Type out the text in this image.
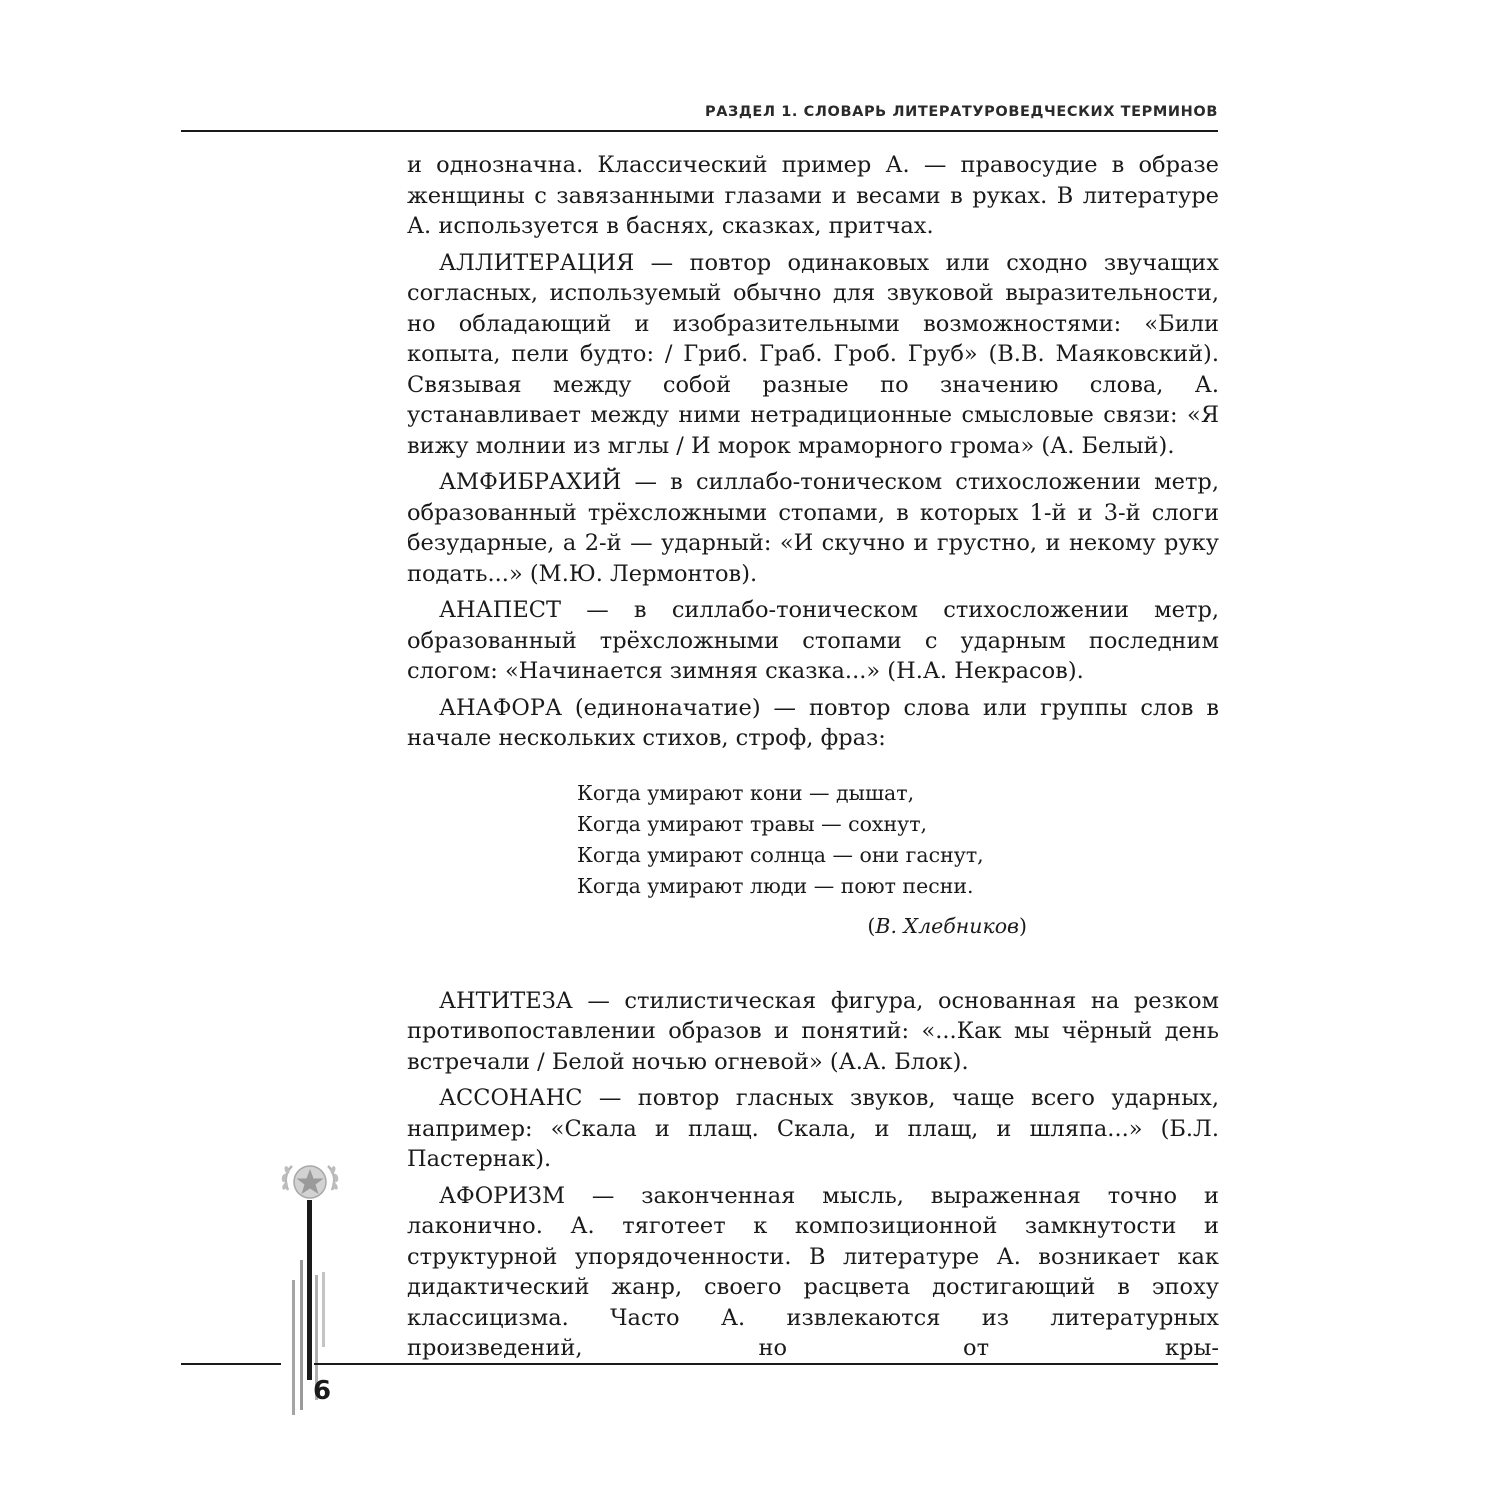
РАЗДЕЛ 1. СЛОВАРЬ ЛИТЕРАТУРОВЕДЧЕСКИХ ТЕРМИНОВ

и однозначна. Классический пример А. — правосудие в образе женщины с завязанными глазами и весами в руках. В литературе А. используется в баснях, сказках, притчах.

АЛЛИТЕРАЦИЯ — повтор одинаковых или сходно звучащих согласных, используемый обычно для звуковой выразительности, но обладающий и изобразительными возможностями: «Били копыта, пели будто: / Гриб. Граб. Гроб. Груб» (В.В. Маяковский). Связывая между собой разные по значению слова, А. устанавливает между ними нетрадиционные смысловые связи: «Я вижу молнии из мглы / И морок мраморного грома» (А. Белый).

АМФИБРАХИЙ — в силлабо-тоническом стихосложении метр, образованный трёхсложными стопами, в которых 1-й и 3-й слоги безударные, а 2-й — ударный: «И скучно и грустно, и некому руку подать...» (М.Ю. Лермонтов).

АНАПЕСТ — в силлабо-тоническом стихосложении метр, образованный трёхсложными стопами с ударным последним слогом: «Начинается зимняя сказка...» (Н.А. Некрасов).

АНАФОРА (единоначатие) — повтор слова или группы слов в начале нескольких стихов, строф, фраз:

Когда умирают кони — дышат,
Когда умирают травы — сохнут,
Когда умирают солнца — они гаснут,
Когда умирают люди — поют песни.
(В. Хлебников)

АНТИТЕЗА — стилистическая фигура, основанная на резком противопоставлении образов и понятий: «...Как мы чёрный день встречали / Белой ночью огневой» (А.А. Блок).

АССОНАНС — повтор гласных звуков, чаще всего ударных, например: «Скала и плащ. Скала, и плащ, и шляпа...» (Б.Л. Пастернак).

АФОРИЗМ — законченная мысль, выраженная точно и лаконично. А. тяготеет к композиционной замкнутости и структурной упорядоченности. В литературе А. возникает как дидактический жанр, своего расцвета достигающий в эпоху классицизма. Часто А. извлекаются из литературных произведений, но от кры-

6
